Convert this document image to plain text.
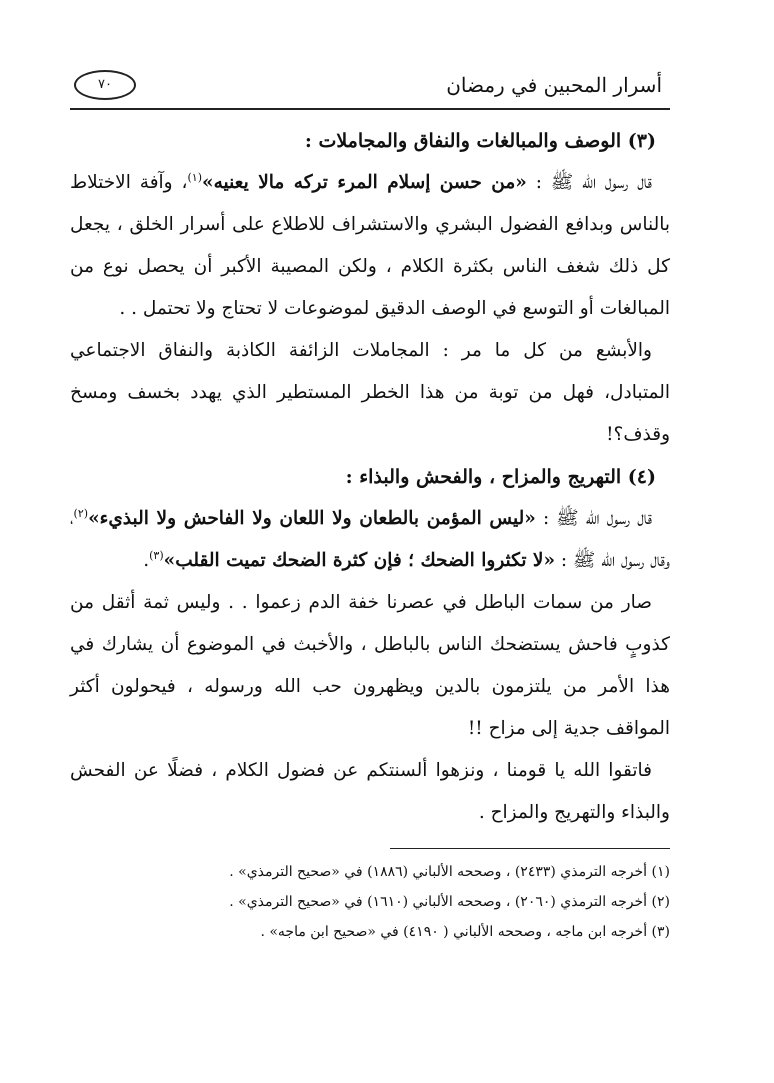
أسرار المحبين في رمضان
٧٠
(٣) الوصف والمبالغات والنفاق والمجاملات :

قال رسول الله ﷺ : «من حسن إسلام المرء تركه مالا يعنيه»$^{(١)}$، وآفة الاختلاط بالناس وبدافع الفضول البشري والاستشراف للاطلاع على أسرار الخلق ، يجعل كل ذلك شغف الناس بكثرة الكلام ، ولكن المصيبة الأكبر أن يحصل نوع من المبالغات أو التوسع في الوصف الدقيق لموضوعات لا تحتاج ولا تحتمل . .

والأبشع من كل ما مر : المجاملات الزائفة الكاذبة والنفاق الاجتماعي المتبادل، فهل من توبة من هذا الخطر المستطير الذي يهدد بخسف ومسخ وقذف؟!

(٤) التهريج والمزاح ، والفحش والبذاء :

قال رسول الله ﷺ : «ليس المؤمن بالطعان ولا اللعان ولا الفاحش ولا البذيء»$^{(٢)}$، وقال رسول الله ﷺ : «لا تكثروا الضحك ؛ فإن كثرة الضحك تميت القلب»$^{(٣)}$.

صار من سمات الباطل في عصرنا خفة الدم زعموا . . وليس ثمة أثقل من كذوبٍ فاحش يستضحك الناس بالباطل ، والأخبث في الموضوع أن يشارك في هذا الأمر من يلتزمون بالدين ويظهرون حب الله ورسوله ، فيحولون أكثر المواقف جدية إلى مزاح !!

فاتقوا الله يا قومنا ، ونزهوا ألسنتكم عن فضول الكلام ، فضلًا عن الفحش والبذاء والتهريج والمزاح .

(١) أخرجه الترمذي (٢٤٣٣) ، وصححه الألباني (١٨٨٦) في «صحيح الترمذي» .

(٢) أخرجه الترمذي (٢٠٦٠) ، وصححه الألباني (١٦١٠) في «صحيح الترمذي» .

(٣) أخرجه ابن ماجه ، وصححه الألباني ( ٤١٩٠) في «صحيح ابن ماجه» .
